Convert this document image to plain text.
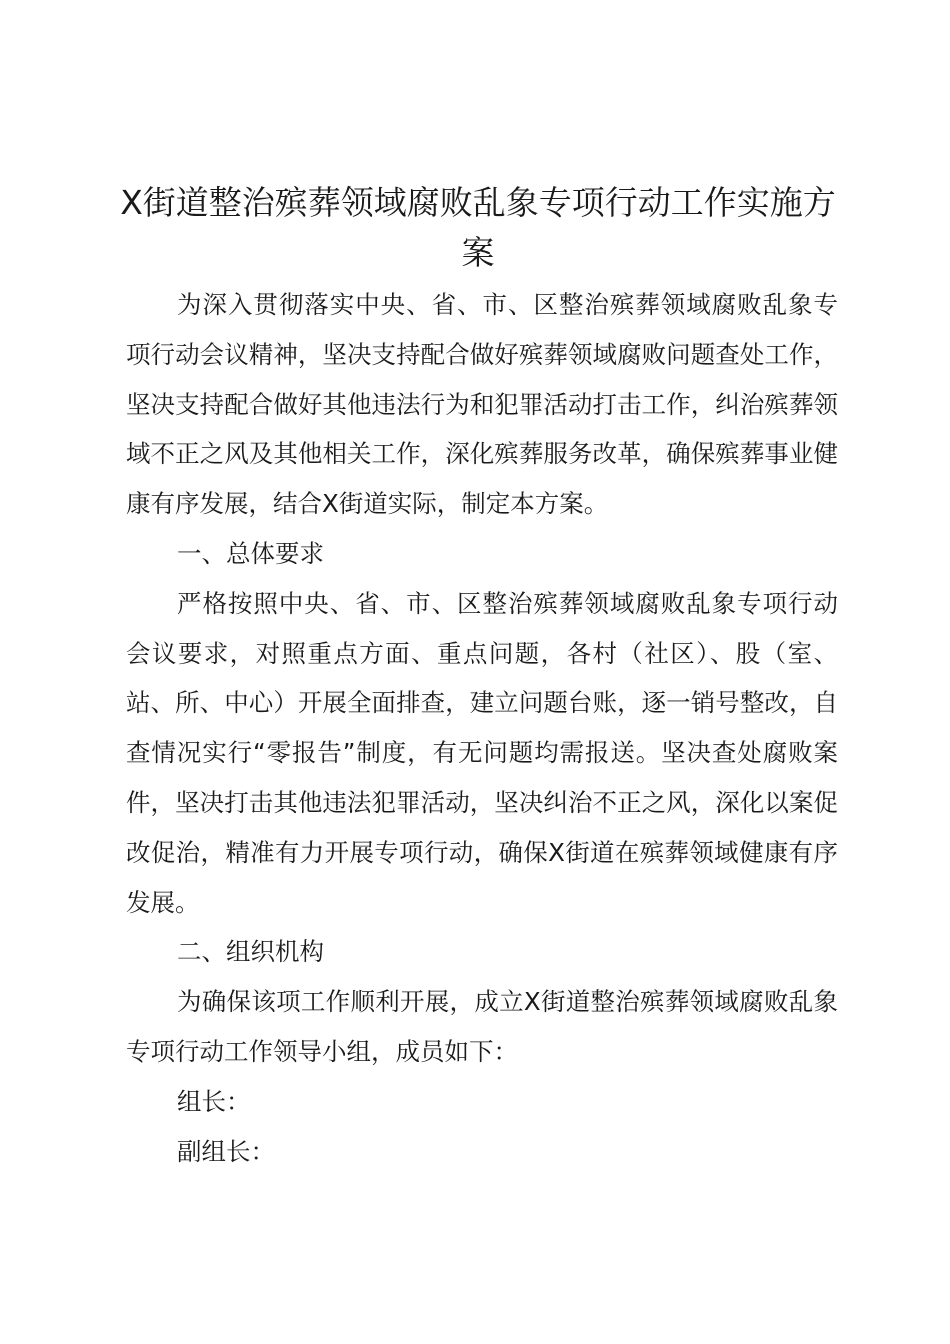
X街道整治殡葬领域腐败乱象专项行动工作实施方案

为深入贯彻落实中央、省、市、区整治殡葬领域腐败乱象专项行动会议精神，坚决支持配合做好殡葬领域腐败问题查处工作，坚决支持配合做好其他违法行为和犯罪活动打击工作，纠治殡葬领域不正之风及其他相关工作，深化殡葬服务改革，确保殡葬事业健康有序发展，结合X街道实际，制定本方案。

一、总体要求

严格按照中央、省、市、区整治殡葬领域腐败乱象专项行动会议要求，对照重点方面、重点问题，各村（社区）、股（室、站、所、中心）开展全面排查，建立问题台账，逐一销号整改，自查情况实行“零报告”制度，有无问题均需报送。坚决查处腐败案件，坚决打击其他违法犯罪活动，坚决纠治不正之风，深化以案促改促治，精准有力开展专项行动，确保X街道在殡葬领域健康有序发展。

二、组织机构

为确保该项工作顺利开展，成立X街道整治殡葬领域腐败乱象专项行动工作领导小组，成员如下：

组长：

副组长：
